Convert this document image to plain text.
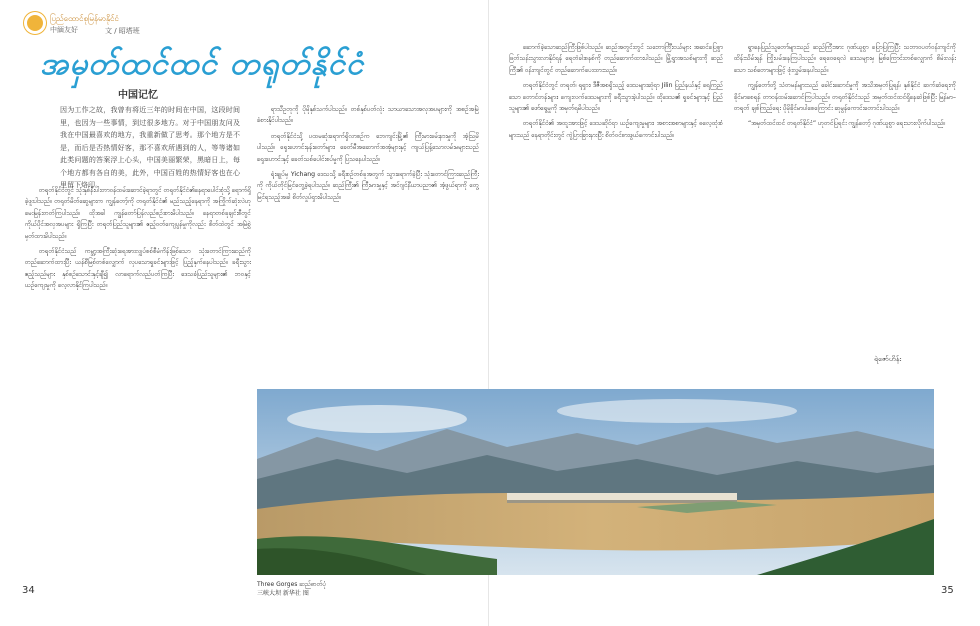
ပြည်ထောင်စုမြန်မာနိုင်ငံ
中緬友好	文 / 昭塔班
အမှတ်ထင်ထင် တရုတ်နိုင်ငံ
中国记忆
因为工作之故，我曾有将近三年的时间在中国，这段时间里，也因为一些事情，到过很多地方。对于中国朋友问及我在中国最喜欢的地方，我重新做了思考。那个地方是不是，而后是否热情好客，那不喜欢所遇到的人，等等诸如此类问题的答案浮上心头，中国美丽繁荣，黑暗日上，每个地方都有各自的美，此外，中国百姓的热情好客也在心里留下烙印。

တရုတ်နိုင်ငံတွင် သုံးနှစ်နီးပါးတာဝန်ထမ်းဆောင်ခဲ့ရာတွင် တရုတ်နိုင်ငံ၏နေရာပေါင်းစုံသို့ ရောက်ရှိခဲ့ဖူးပါသည်။ တရုတ်မိတ်ဆွေများက ကျွန်တော့်ကို တရုတ်နိုင်ငံ၏ မည်သည့်နေရာကို အကြိုက်ဆုံးလဲဟု မေးမြန်းတတ်ကြပါသည်။ ထိုအခါ ကျွန်တော်ပြန်လည်စဉ်းစားမိပါသည်။ နေရာတစ်ခုချင်းစီတွင် ကိုယ်ပိုင်အလှအပများ ရှိကြပြီး တရုတ်ပြည်သူများ၏ ဧည့်ဝတ်ကျေပွန်မှုကိုလည်း စိတ်ထဲတွင် အမြဲစွဲမှတ်ထားမိပါသည်။

တရုတ်နိုင်ငံသည် ကမ္ဘာ့အကြီးဆုံးရေအားလျှပ်စစ်စီမံကိန်းဖြစ်သော သုံးတောင်ကြားဆည်ကို တည်ဆောက်ထားပြီး ယန်စီမြစ်တစ်လျှောက် လှပသောရှုခင်းများဖြင့် ပြည့်နှက်နေပါသည်။ ခရီးသွားဧည့်သည်များ နှစ်စဉ်သောင်းနှင့်ချီ၍ လာရောက်လည်ပတ်ကြပြီး ဒေသခံပြည်သူများ၏ ဘဝနှင့် ယဉ်ကျေးမှုကို လေ့လာနိုင်ကြပါသည်။

ရာသီဥတုကို ပိုမိုနှစ်သက်ပါသည်။ တစ်နှစ်ပတ်လုံး သာယာသောအလှအပများကို အစဉ်အမြဲ ခံစားနိုင်ပါသည်။

တရုတ်နိုင်ငံသို့ ပထမဆုံးရောက်ရှိလာစဉ်က ဘေကျင်းမြို့၏ ကြီးမားခမ်းနားမှုကို အံ့သြမိပါသည်။ ရှေးဟောင်းနန်းတော်များ၊ ခေတ်မီအဆောက်အအုံများနှင့် ကျယ်ပြန့်သောလမ်းမများသည် ရှေးဟောင်းနှင့် ခေတ်သစ်ပေါင်းစပ်မှုကို ပြသနေပါသည်။

ရုံးချုပ်မှ Yichang ဒေသသို့ ခရီးစဉ်တစ်ခုအတွက် သွားရောက်ခဲ့ပြီး သုံးတောင်ကြားဆည်ကြီးကို ကိုယ်တိုင်မြင်တွေ့ခဲ့ရပါသည်။ ဆည်ကြီး၏ ကြီးမားမှုနှင့် အင်ဂျင်နီယာပညာ၏ အံ့ဖွယ်ရာကို တွေ့မြင်ရသည့်အခါ စိတ်လှုပ်ရှားမိပါသည်။

34

ဆောက်ခဲ့သောဆည်ကြီးဖြစ်ပါသည်။ ဆည်အတွင်းတွင် သဘောင်္ကြီးငယ်များ အဆင်ပြေစွာ ဖြတ်သန်းသွားလာနိုင်ရန် ရေတံခါးစနစ်ကို တည်ဆောက်ထားပါသည်။ မြို့ရွာအသစ်များကို ဆည်ကြီး၏ ဝန်းကျင်တွင် တည်ဆောက်ပေးထားသည်။

တရုတ်နိုင်ငံတွင် တရုတ်၊ ရုရှား၊ ဒီဇီအစရှိသည့် ဒေသများဆုံရာ Jilin ပြည်နယ်နှင့် ရေကြည်သော တောင်တန်းများ၊ ကျေးလက်ဒေသများကို ခရီးသွားခဲ့ပါသည်။ ထိုဒေသ၏ ရှုခင်းများနှင့် ပြည်သူများ၏ ဖော်ရွေမှုကို အမှတ်ရမိပါသည်။

တရုတ်နိုင်ငံ၏ အထူးအားဖြင့် ဒေသဆိုင်ရာ ယဉ်ကျေးမှုများ၊ အစားအစာများနှင့် ဓလေ့ထုံးစံများသည် နေရာတိုင်းတွင် ကွဲပြားခြားနားပြီး စိတ်ဝင်စားဖွယ်ကောင်းပါသည်။

ရွာနေပြည်သူတော်များသည် ဆည်ကြီးအား ဂုဏ်ယူစွာ ပြောပြကြပြီး သဘာဝပတ်ဝန်းကျင်ကို ထိန်းသိမ်းရန် ကြိုးပမ်းနေကြပါသည်။ ရေဝေရေလဲ ဒေသများမှ မြစ်ကြောင်းတစ်လျှောက် စိမ်းလန်းသော သစ်တောများဖြင့် ဖုံးလွှမ်းနေပါသည်။

ကျွန်တော်တို့ သံတမန်များသည် ခေါင်းဆောင်မှုကို အသိအမှတ်ပြုရန်၊ နှစ်နိုင်ငံ ဆက်ဆံရေးကို ခိုင်မာစေရန် တာဝန်ထမ်းဆောင်ကြပါသည်။ တရုတ်နိုင်ငံသည် အမှတ်ထင်ထင်ရှိနေဆဲဖြစ်ပြီး မြန်မာ–တရုတ် ချစ်ကြည်ရေး ပိုမိုခိုင်မာပါစေကြောင်း ဆုမွန်ကောင်းတောင်းပါသည်။

“အမှတ်ထင်ထင် တရုတ်နိုင်ငံ” ဟုတင်ပြရင်း ကျွန်တော့် ဂုဏ်ယူစွာ ရေးသားလိုက်ပါသည်။

ရဲဇော်ဟိန်း
35
Three Gorges ဆည်ဓာတ်ပုံ
三峡大坝 新华社 图
